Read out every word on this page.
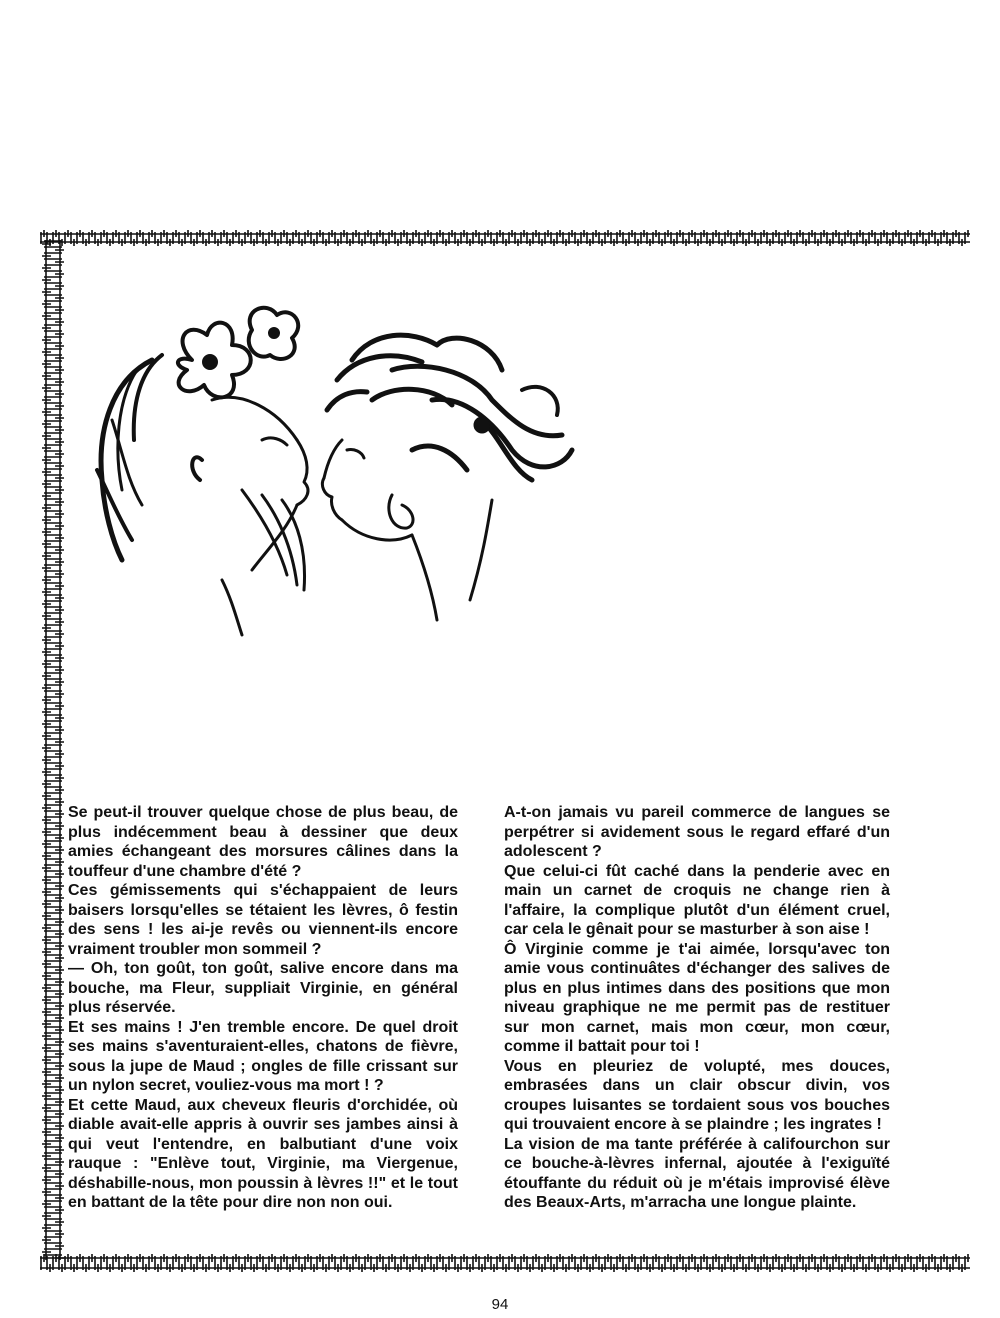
Se peut-il trouver quelque chose de plus beau, de plus indécemment beau à dessiner que deux amies échangeant des morsures câlines dans la touffeur d'une chambre d'été ?

Ces gémissements qui s'échappaient de leurs baisers lorsqu'elles se tétaient les lèvres, ô festin des sens ! les ai-je revês ou viennent-ils encore vraiment troubler mon sommeil ?

— Oh, ton goût, ton goût, salive encore dans ma bouche, ma Fleur, suppliait Virginie, en général plus réservée.

Et ses mains ! J'en tremble encore. De quel droit ses mains s'aventuraient-elles, chatons de fièvre, sous la jupe de Maud ; ongles de fille crissant sur un nylon secret, vouliez-vous ma mort ! ?

Et cette Maud, aux cheveux fleuris d'orchidée, où diable avait-elle appris à ouvrir ses jambes ainsi à qui veut l'entendre, en balbutiant d'une voix rauque : "Enlève tout, Virginie, ma Viergenue, déshabille-nous, mon poussin à lèvres !!" et le tout en battant de la tête pour dire non non oui.

A-t-on jamais vu pareil commerce de langues se perpétrer si avidement sous le regard effaré d'un adolescent ?

Que celui-ci fût caché dans la penderie avec en main un carnet de croquis ne change rien à l'affaire, la complique plutôt d'un élément cruel, car cela le gênait pour se masturber à son aise !

Ô Virginie comme je t'ai aimée, lorsqu'avec ton amie vous continuâtes d'échanger des salives de plus en plus intimes dans des positions que mon niveau graphique ne me permit pas de restituer sur mon carnet, mais mon cœur, mon cœur, comme il battait pour toi !

Vous en pleuriez de volupté, mes douces, embrasées dans un clair obscur divin, vos croupes luisantes se tordaient sous vos bouches qui trouvaient encore à se plaindre ; les ingrates !

La vision de ma tante préférée à califourchon sur ce bouche-à-lèvres infernal, ajoutée à l'exiguïté étouffante du réduit où je m'étais improvisé élève des Beaux-Arts, m'arracha une longue plainte.

94
